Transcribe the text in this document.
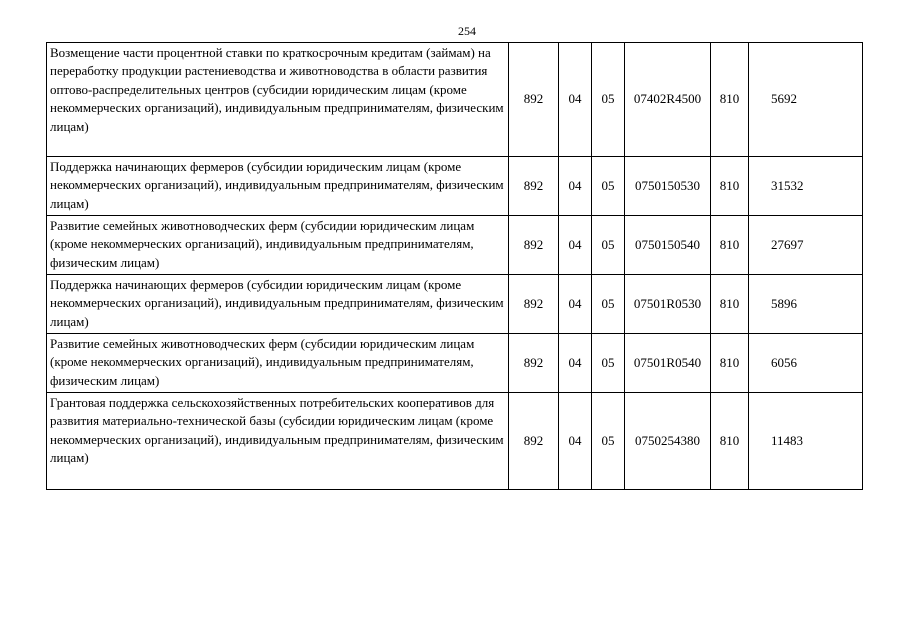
254
Возмещение части процентной ставки по краткосрочным кредитам (займам) на переработку продукции растениеводства и животноводства в области развития оптово-распределительных центров (субсидии юридическим лицам (кроме некоммерческих организаций), индивидуальным предпринимателям, физическим лицам)	892	04	05	07402R4500	810	5692
Поддержка начинающих фермеров (субсидии юридическим лицам (кроме некоммерческих организаций), индивидуальным предпринимателям, физическим лицам)	892	04	05	0750150530	810	31532
Развитие семейных животноводческих ферм (субсидии юридическим лицам (кроме некоммерческих организаций), индивидуальным предпринимателям, физическим лицам)	892	04	05	0750150540	810	27697
Поддержка начинающих фермеров (субсидии юридическим лицам (кроме некоммерческих организаций), индивидуальным предпринимателям, физическим лицам)	892	04	05	07501R0530	810	5896
Развитие семейных животноводческих ферм (субсидии юридическим лицам (кроме некоммерческих организаций), индивидуальным предпринимателям, физическим лицам)	892	04	05	07501R0540	810	6056
Грантовая поддержка сельскохозяйственных потребительских кооперативов для развития материально-технической базы (субсидии юридическим лицам (кроме некоммерческих организаций), индивидуальным предпринимателям, физическим лицам)	892	04	05	0750254380	810	11483
